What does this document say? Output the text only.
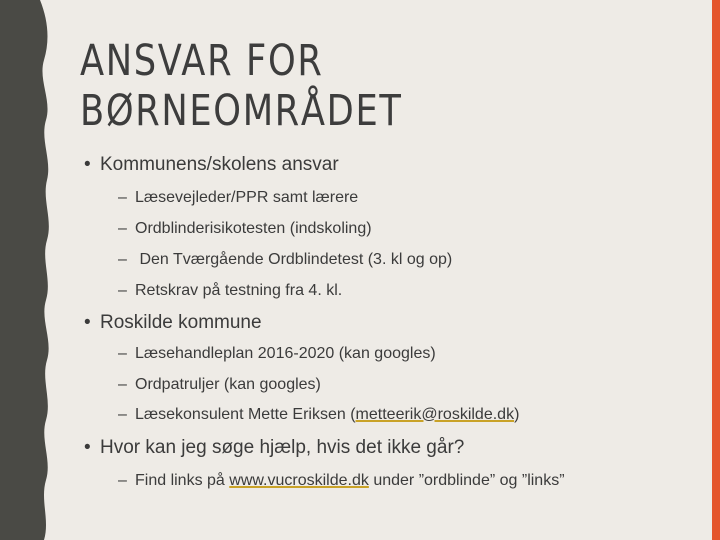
ANSVAR FOR
BØRNEOMRÅDET
• Kommunens/skolens ansvar
– Læsevejleder/PPR samt lærere
– Ordblinderisikotesten (indskoling)
– Den Tværgående Ordblindetest (3. kl og op)
– Retskrav på testning fra 4. kl.
• Roskilde kommune
– Læsehandleplan 2016-2020 (kan googles)
– Ordpatruljer (kan googles)
– Læsekonsulent Mette Eriksen (metteerik@roskilde.dk)
• Hvor kan jeg søge hjælp, hvis det ikke går?
– Find links på www.vucroskilde.dk under ”ordblinde” og ”links”
